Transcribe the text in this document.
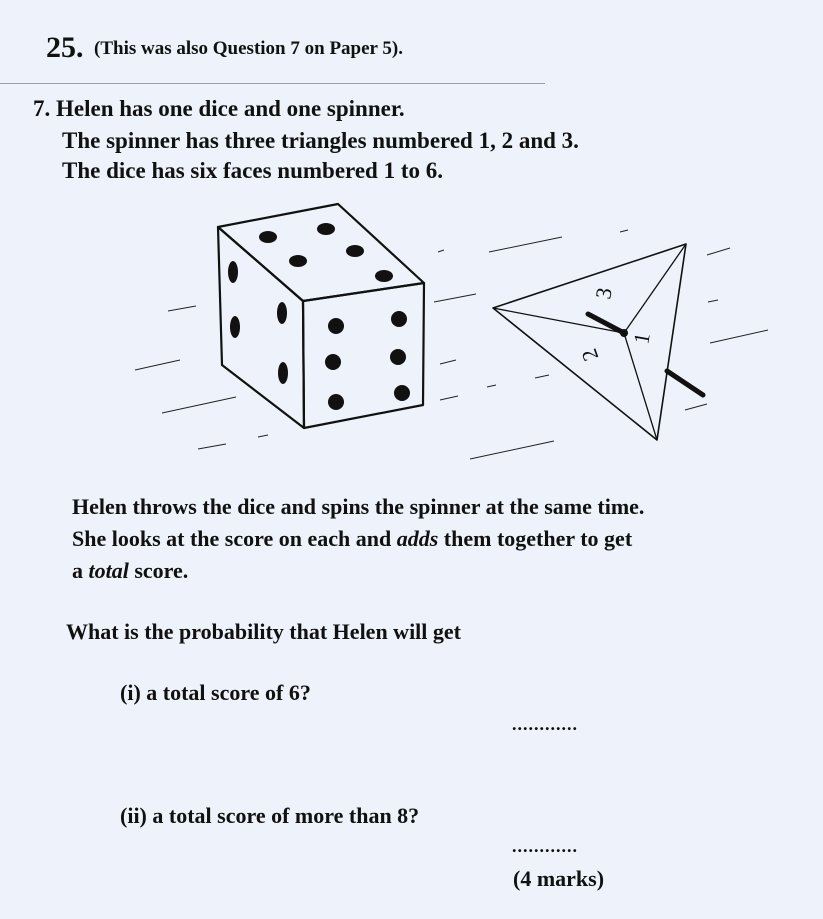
25. (This was also Question 7 on Paper 5).
7. Helen has one dice and one spinner.
The spinner has three triangles numbered 1, 2 and 3.
The dice has six faces numbered 1 to 6.
3
2
1
Helen throws the dice and spins the spinner at the same time.
She looks at the score on each and adds them together to get
a total score.
What is the probability that Helen will get
(i) a total score of 6?
............
(ii) a total score of more than 8?
............
(4 marks)
